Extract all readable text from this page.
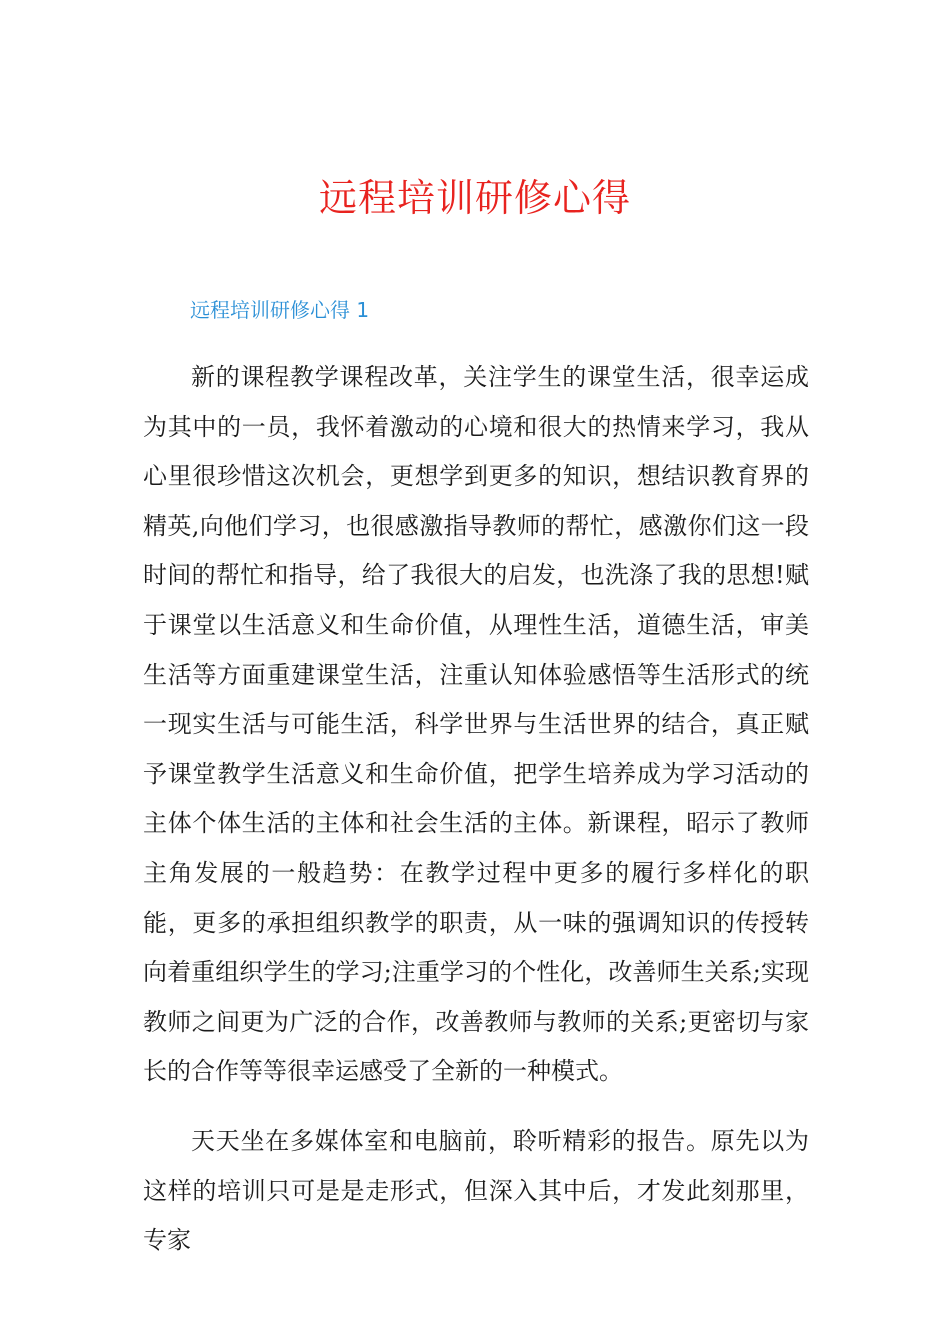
远程培训研修心得
远程培训研修心得 1

新的课程教学课程改革，关注学生的课堂生活，很幸运成为其中的一员，我怀着激动的心境和很大的热情来学习，我从心里很珍惜这次机会，更想学到更多的知识，想结识教育界的精英,向他们学习，也很感激指导教师的帮忙，感激你们这一段时间的帮忙和指导，给了我很大的启发，也洗涤了我的思想!赋于课堂以生活意义和生命价值，从理性生活，道德生活，审美生活等方面重建课堂生活，注重认知体验感悟等生活形式的统一现实生活与可能生活，科学世界与生活世界的结合，真正赋予课堂教学生活意义和生命价值，把学生培养成为学习活动的主体个体生活的主体和社会生活的主体。新课程，昭示了教师主角发展的一般趋势：在教学过程中更多的履行多样化的职能，更多的承担组织教学的职责，从一味的强调知识的传授转向着重组织学生的学习;注重学习的个性化，改善师生关系;实现教师之间更为广泛的合作，改善教师与教师的关系;更密切与家长的合作等等很幸运感受了全新的一种模式。

天天坐在多媒体室和电脑前，聆听精彩的报告。原先以为这样的培训只可是是走形式，但深入其中后，才发此刻那里，专家
